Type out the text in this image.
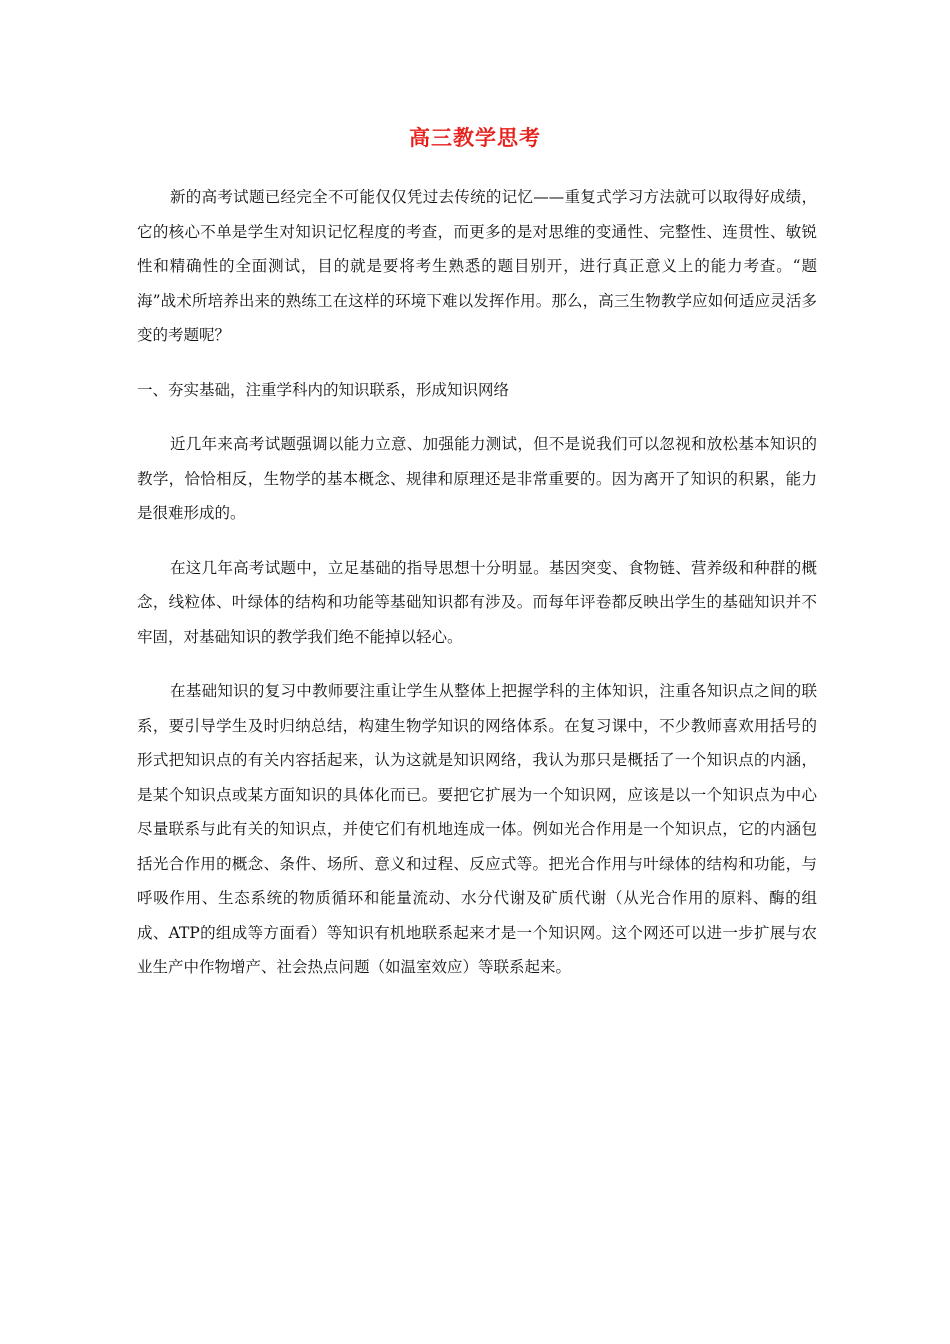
高三教学思考

新的高考试题已经完全不可能仅仅凭过去传统的记忆——重复式学习方法就可以取得好成绩，它的核心不单是学生对知识记忆程度的考查，而更多的是对思维的变通性、完整性、连贯性、敏锐性和精确性的全面测试，目的就是要将考生熟悉的题目别开，进行真正意义上的能力考查。“题海”战术所培养出来的熟练工在这样的环境下难以发挥作用。那么，高三生物教学应如何适应灵活多变的考题呢？

一、夯实基础，注重学科内的知识联系，形成知识网络

近几年来高考试题强调以能力立意、加强能力测试，但不是说我们可以忽视和放松基本知识的教学，恰恰相反，生物学的基本概念、规律和原理还是非常重要的。因为离开了知识的积累，能力是很难形成的。

在这几年高考试题中，立足基础的指导思想十分明显。基因突变、食物链、营养级和种群的概念，线粒体、叶绿体的结构和功能等基础知识都有涉及。而每年评卷都反映出学生的基础知识并不牢固，对基础知识的教学我们绝不能掉以轻心。

在基础知识的复习中教师要注重让学生从整体上把握学科的主体知识，注重各知识点之间的联系，要引导学生及时归纳总结，构建生物学知识的网络体系。在复习课中，不少教师喜欢用括号的形式把知识点的有关内容括起来，认为这就是知识网络，我认为那只是概括了一个知识点的内涵，是某个知识点或某方面知识的具体化而已。要把它扩展为一个知识网，应该是以一个知识点为中心尽量联系与此有关的知识点，并使它们有机地连成一体。例如光合作用是一个知识点，它的内涵包括光合作用的概念、条件、场所、意义和过程、反应式等。把光合作用与叶绿体的结构和功能，与呼吸作用、生态系统的物质循环和能量流动、水分代谢及矿质代谢（从光合作用的原料、酶的组成、ATP的组成等方面看）等知识有机地联系起来才是一个知识网。这个网还可以进一步扩展与农业生产中作物增产、社会热点问题（如温室效应）等联系起来。
